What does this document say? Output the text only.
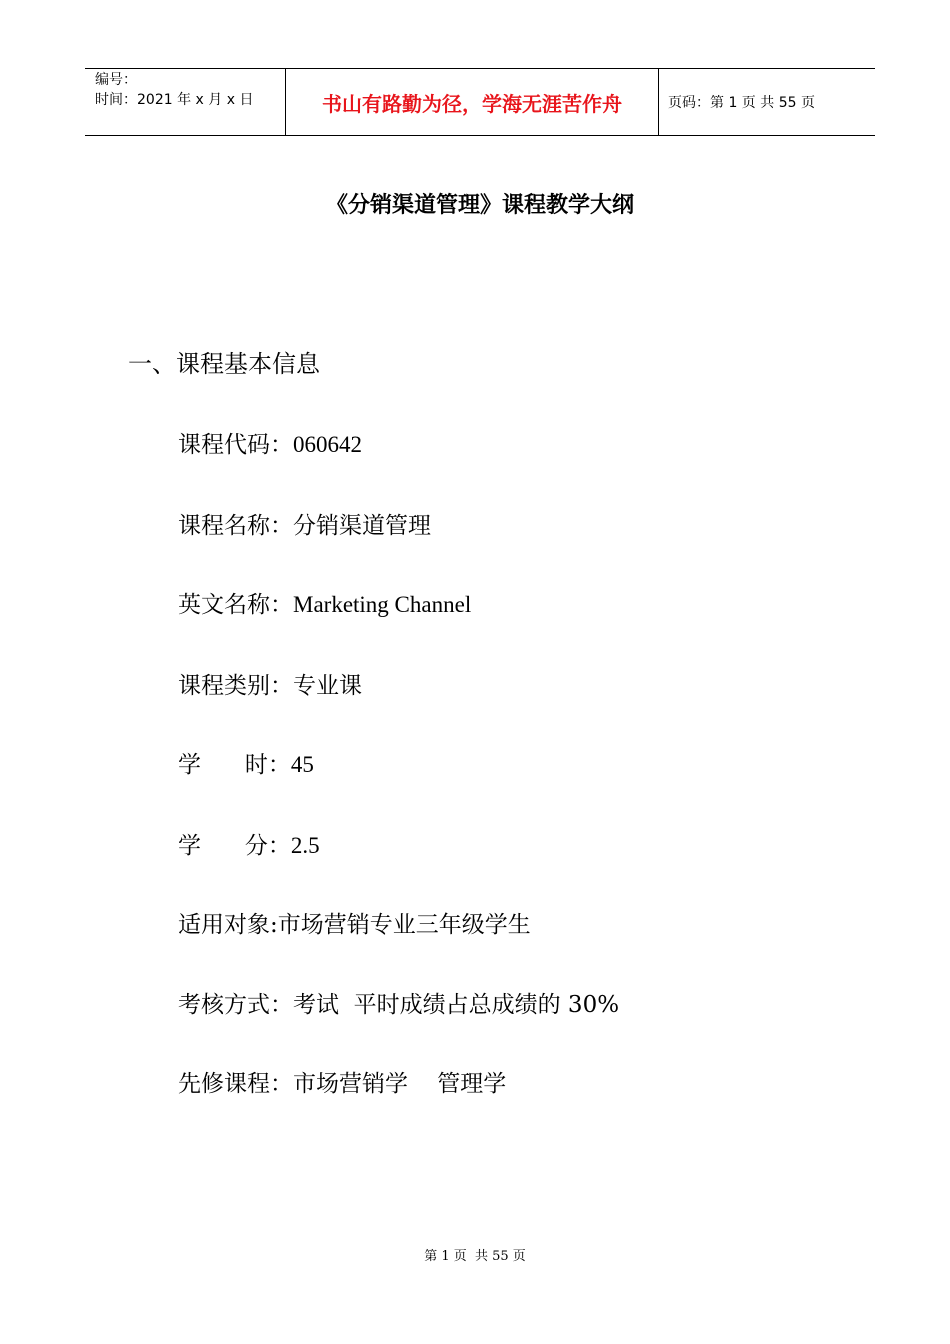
编号：
时间：2021 年 x 月 x 日	书山有路勤为径，学海无涯苦作舟	页码：第 1 页 共 55 页
《分销渠道管理》课程教学大纲
一、课程基本信息

课程代码：060642

课程名称：分销渠道管理

英文名称：Marketing Channel

课程类别：专业课

学      时：45

学      分：2.5

适用对象:市场营销专业三年级学生

考核方式：考试  平时成绩占总成绩的 30%

先修课程：市场营销学    管理学

第 1 页  共 55 页
